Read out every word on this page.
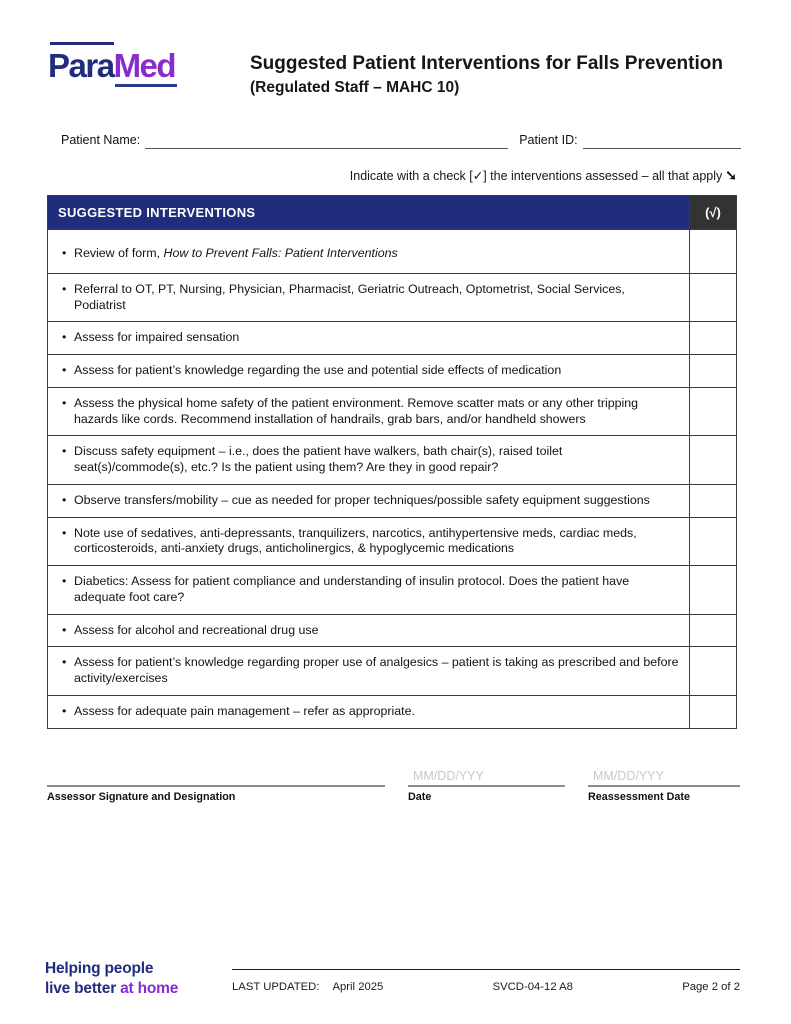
ParaMed	Suggested Patient Interventions for Falls Prevention
(Regulated Staff – MAHC 10)
Patient Name:	Patient ID:
Indicate with a check [✓] the interventions assessed – all that apply ➘
SUGGESTED INTERVENTIONS	(√)

• Review of form, How to Prevent Falls: Patient Interventions	

• Referral to OT, PT, Nursing, Physician, Pharmacist, Geriatric Outreach, Optometrist, Social Services, Podiatrist	

• Assess for impaired sensation	

• Assess for patient’s knowledge regarding the use and potential side effects of medication	

• Assess the physical home safety of the patient environment. Remove scatter mats or any other tripping hazards like cords. Recommend installation of handrails, grab bars, and/or handheld showers	

• Discuss safety equipment – i.e., does the patient have walkers, bath chair(s), raised toilet seat(s)/commode(s), etc.? Is the patient using them? Are they in good repair?	

• Observe transfers/mobility – cue as needed for proper techniques/possible safety equipment suggestions	

• Note use of sedatives, anti-depressants, tranquilizers, narcotics, antihypertensive meds, cardiac meds, corticosteroids, anti-anxiety drugs, anticholinergics, & hypoglycemic medications	

• Diabetics: Assess for patient compliance and understanding of insulin protocol. Does the patient have adequate foot care?	

• Assess for alcohol and recreational drug use	

• Assess for patient’s knowledge regarding proper use of analgesics – patient is taking as prescribed and before activity/exercises	

• Assess for adequate pain management – refer as appropriate.	

Assessor Signature and Designation
MM/DD/YYY
Date
MM/DD/YYY
Reassessment Date
Helping people
live better at home	LAST UPDATED: April 2025	SVCD-04-12 A8	Page 2 of 2
